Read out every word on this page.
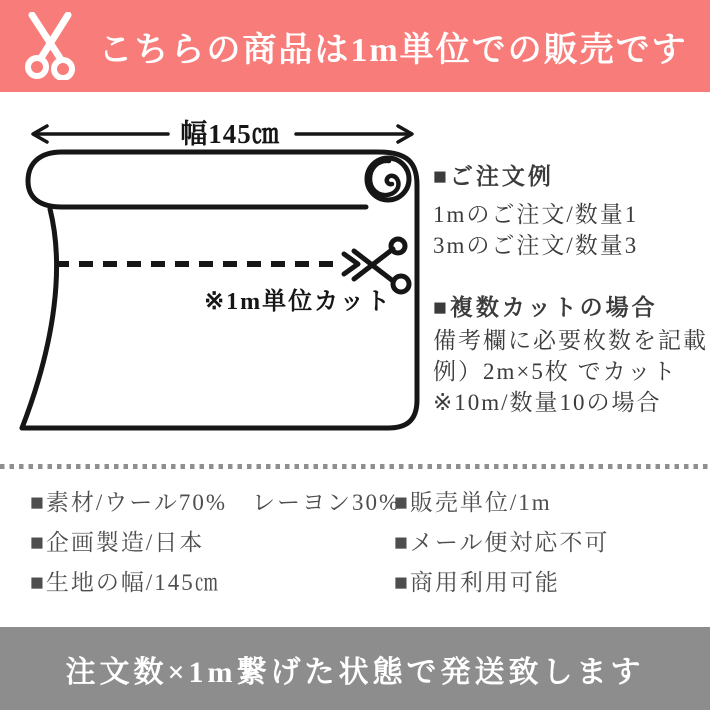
こちらの商品は1m単位での販売です
幅145㎝
※1m単位カット
■ご注文例
1mのご注文/数量1
3mのご注文/数量3
■複数カットの場合
備考欄に必要枚数を記載
例）2m×5枚 でカット
※10m/数量10の場合
■素材/ウール70%　レーヨン30%
■企画製造/日本
■生地の幅/145㎝
■販売単位/1m
■メール便対応不可
■商用利用可能
注文数×1m繋げた状態で発送致します
